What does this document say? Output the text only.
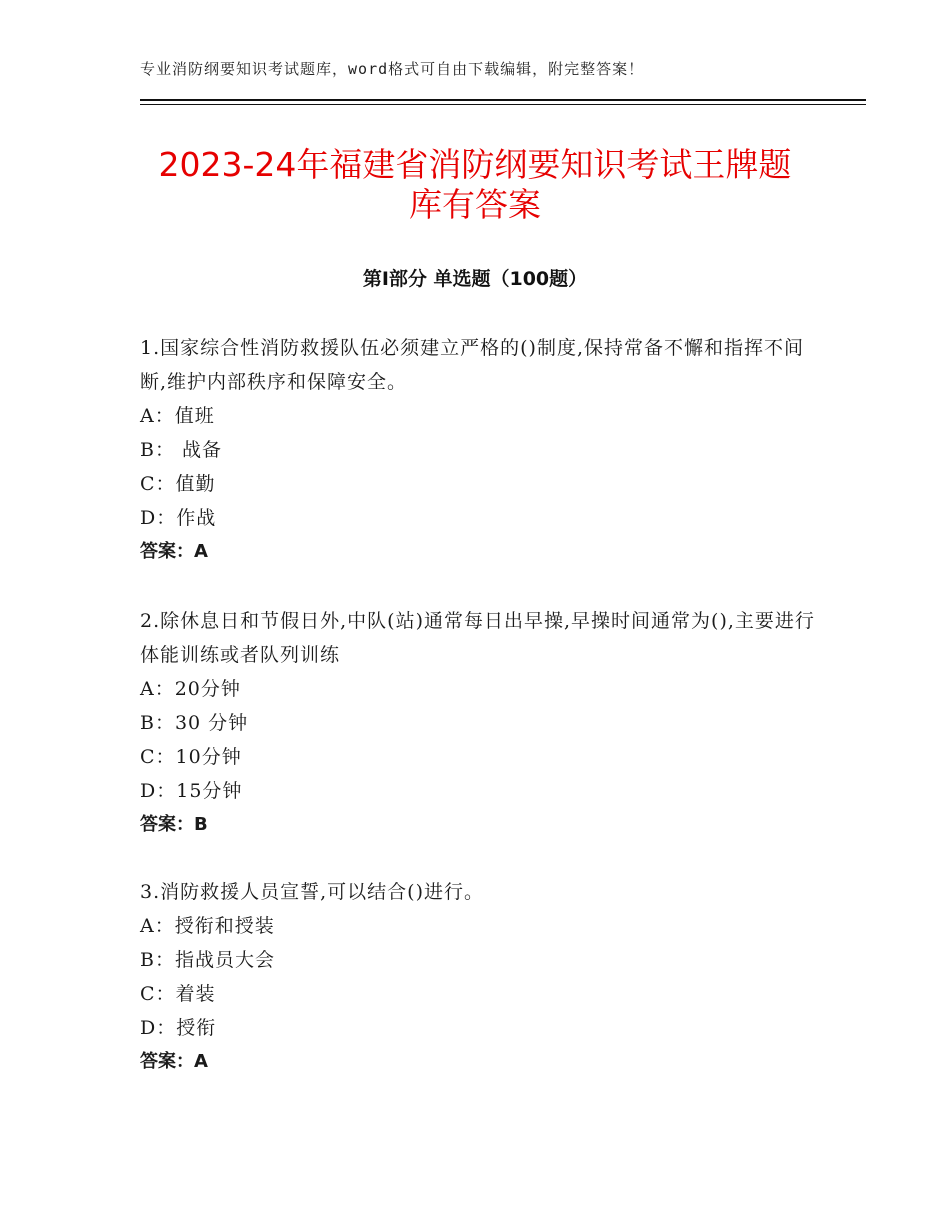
专业消防纲要知识考试题库，word格式可自由下载编辑，附完整答案！
2023-24年福建省消防纲要知识考试王牌题
库有答案
第Ⅰ部分 单选题（100题）
1.国家综合性消防救援队伍必须建立严格的()制度,保持常备不懈和指挥不间断,维护内部秩序和保障安全。
A：值班
B： 战备
C：值勤
D：作战
答案：A
2.除休息日和节假日外,中队(站)通常每日出早操,早操时间通常为(),主要进行体能训练或者队列训练
A：20分钟
B：30 分钟
C：10分钟
D：15分钟
答案：B
3.消防救援人员宣誓,可以结合()进行。
A：授衔和授装
B：指战员大会
C：着装
D：授衔
答案：A
